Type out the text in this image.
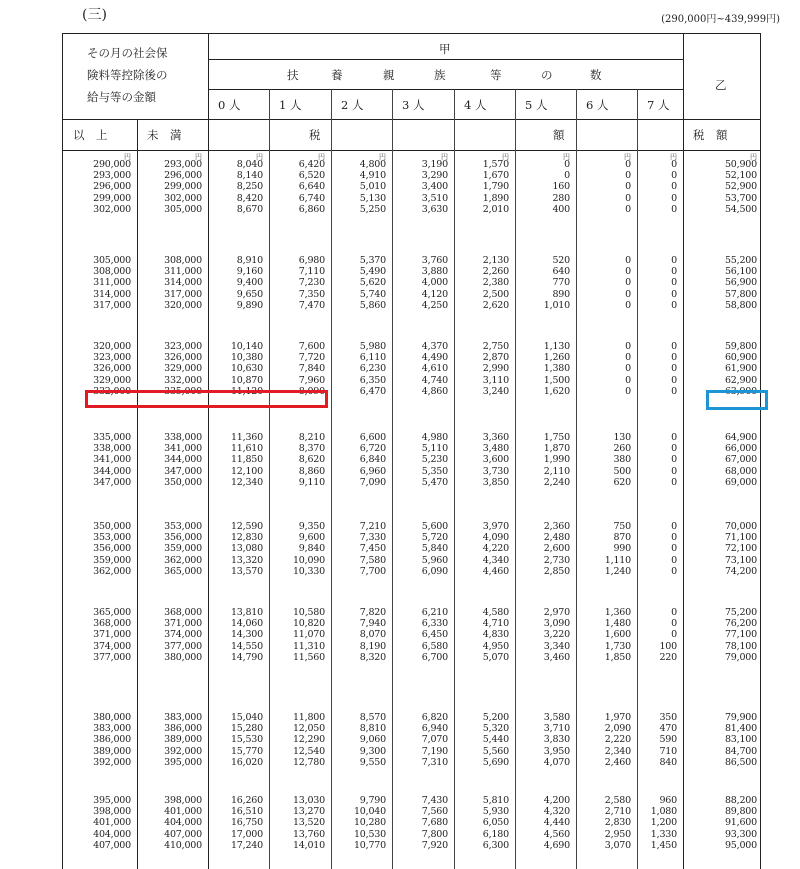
(三)	(290,000円~439,999円)
その月の社会保
険料等控除後の
給与等の金額
甲
乙
扶	養	親	族	等	の	数
0 人	1 人	2 人	3 人	4 人	5 人	6 人	7 人
以　上	未　満	税	額	税　額
円	円	円	円	円	円	円	円	円	円	円
290,000	293,000	8,040	6,420	4,800	3,190	1,570	0	0	0	50,900
293,000	296,000	8,140	6,520	4,910	3,290	1,670	0	0	0	52,100
296,000	299,000	8,250	6,640	5,010	3,400	1,790	160	0	0	52,900
299,000	302,000	8,420	6,740	5,130	3,510	1,890	280	0	0	53,700
302,000	305,000	8,670	6,860	5,250	3,630	2,010	400	0	0	54,500
305,000	308,000	8,910	6,980	5,370	3,760	2,130	520	0	0	55,200
308,000	311,000	9,160	7,110	5,490	3,880	2,260	640	0	0	56,100
311,000	314,000	9,400	7,230	5,620	4,000	2,380	770	0	0	56,900
314,000	317,000	9,650	7,350	5,740	4,120	2,500	890	0	0	57,800
317,000	320,000	9,890	7,470	5,860	4,250	2,620	1,010	0	0	58,800
320,000	323,000	10,140	7,600	5,980	4,370	2,750	1,130	0	0	59,800
323,000	326,000	10,380	7,720	6,110	4,490	2,870	1,260	0	0	60,900
326,000	329,000	10,630	7,840	6,230	4,610	2,990	1,380	0	0	61,900
329,000	332,000	10,870	7,960	6,350	4,740	3,110	1,500	0	0	62,900
332,000	335,000	11,120	8,090	6,470	4,860	3,240	1,620	0	0	63,900
335,000	338,000	11,360	8,210	6,600	4,980	3,360	1,750	130	0	64,900
338,000	341,000	11,610	8,370	6,720	5,110	3,480	1,870	260	0	66,000
341,000	344,000	11,850	8,620	6,840	5,230	3,600	1,990	380	0	67,000
344,000	347,000	12,100	8,860	6,960	5,350	3,730	2,110	500	0	68,000
347,000	350,000	12,340	9,110	7,090	5,470	3,850	2,240	620	0	69,000
350,000	353,000	12,590	9,350	7,210	5,600	3,970	2,360	750	0	70,000
353,000	356,000	12,830	9,600	7,330	5,720	4,090	2,480	870	0	71,100
356,000	359,000	13,080	9,840	7,450	5,840	4,220	2,600	990	0	72,100
359,000	362,000	13,320	10,090	7,580	5,960	4,340	2,730	1,110	0	73,100
362,000	365,000	13,570	10,330	7,700	6,090	4,460	2,850	1,240	0	74,200
365,000	368,000	13,810	10,580	7,820	6,210	4,580	2,970	1,360	0	75,200
368,000	371,000	14,060	10,820	7,940	6,330	4,710	3,090	1,480	0	76,200
371,000	374,000	14,300	11,070	8,070	6,450	4,830	3,220	1,600	0	77,100
374,000	377,000	14,550	11,310	8,190	6,580	4,950	3,340	1,730	100	78,100
377,000	380,000	14,790	11,560	8,320	6,700	5,070	3,460	1,850	220	79,000
380,000	383,000	15,040	11,800	8,570	6,820	5,200	3,580	1,970	350	79,900
383,000	386,000	15,280	12,050	8,810	6,940	5,320	3,710	2,090	470	81,400
386,000	389,000	15,530	12,290	9,060	7,070	5,440	3,830	2,220	590	83,100
389,000	392,000	15,770	12,540	9,300	7,190	5,560	3,950	2,340	710	84,700
392,000	395,000	16,020	12,780	9,550	7,310	5,690	4,070	2,460	840	86,500
395,000	398,000	16,260	13,030	9,790	7,430	5,810	4,200	2,580	960	88,200
398,000	401,000	16,510	13,270	10,040	7,560	5,930	4,320	2,710	1,080	89,800
401,000	404,000	16,750	13,520	10,280	7,680	6,050	4,440	2,830	1,200	91,600
404,000	407,000	17,000	13,760	10,530	7,800	6,180	4,560	2,950	1,330	93,300
407,000	410,000	17,240	14,010	10,770	7,920	6,300	4,690	3,070	1,450	95,000
